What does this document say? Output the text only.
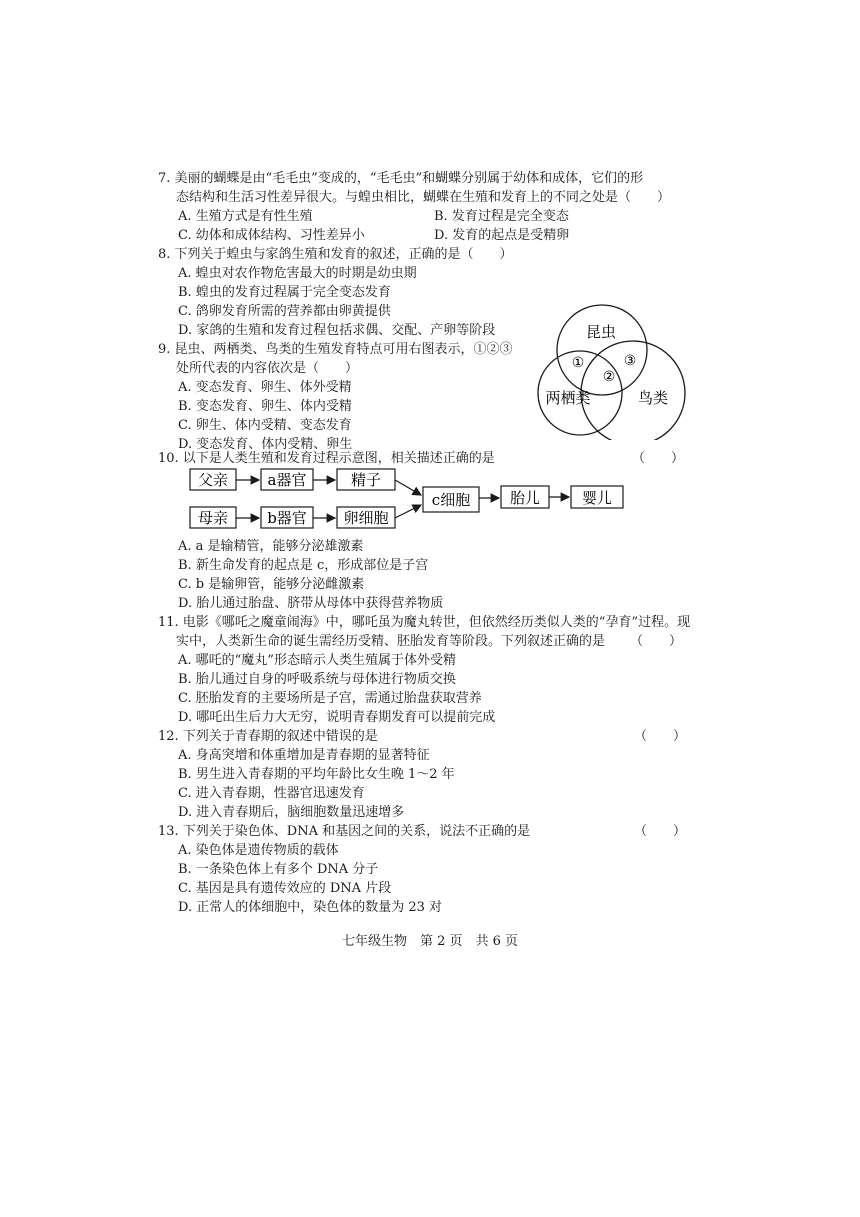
7. 美丽的蝴蝶是由“毛毛虫”变成的，“毛毛虫”和蝴蝶分别属于幼体和成体，它们的形
态结构和生活习性差异很大。与蝗虫相比，蝴蝶在生殖和发育上的不同之处是（　　）
A. 生殖方式是有性生殖	B. 发育过程是完全变态
C. 幼体和成体结构、习性差异小	D. 发育的起点是受精卵
8. 下列关于蝗虫与家鸽生殖和发育的叙述，正确的是（　　）
A. 蝗虫对农作物危害最大的时期是幼虫期
B. 蝗虫的发育过程属于完全变态发育
C. 鸽卵发育所需的营养都由卵黄提供
D. 家鸽的生殖和发育过程包括求偶、交配、产卵等阶段
9. 昆虫、两栖类、鸟类的生殖发育特点可用右图表示，①②③
处所代表的内容依次是（　　）
A. 变态发育、卵生、体外受精
B. 变态发育、卵生、体内受精
C. 卵生、体内受精、变态发育
D. 变态发育、体内受精、卵生
昆虫
两栖类	鸟类
①
②
③
10. 以下是人类生殖和发育过程示意图，相关描述正确的是	（　　）
父亲	a器官	精子
母亲	b器官 卵细胞
c细胞	胎儿	婴儿
A. a 是输精管，能够分泌雄激素
B. 新生命发育的起点是 c，形成部位是子宫
C. b 是输卵管，能够分泌雌激素
D. 胎儿通过胎盘、脐带从母体中获得营养物质
11. 电影《哪吒之魔童闹海》中，哪吒虽为魔丸转世，但依然经历类似人类的“孕育”过程。现
实中，人类新生命的诞生需经历受精、胚胎发育等阶段。下列叙述正确的是 （　　）
A. 哪吒的“魔丸”形态暗示人类生殖属于体外受精
B. 胎儿通过自身的呼吸系统与母体进行物质交换
C. 胚胎发育的主要场所是子宫，需通过胎盘获取营养
D. 哪吒出生后力大无穷，说明青春期发育可以提前完成
12. 下列关于青春期的叙述中错误的是	（　　）
A. 身高突增和体重增加是青春期的显著特征
B. 男生进入青春期的平均年龄比女生晚 1～2 年
C. 进入青春期，性器官迅速发育
D. 进入青春期后，脑细胞数量迅速增多
13. 下列关于染色体、DNA 和基因之间的关系，说法不正确的是	（　　）
A. 染色体是遗传物质的载体
B. 一条染色体上有多个 DNA 分子
C. 基因是具有遗传效应的 DNA 片段
D. 正常人的体细胞中，染色体的数量为 23 对
七年级生物　第 2 页　共 6 页
